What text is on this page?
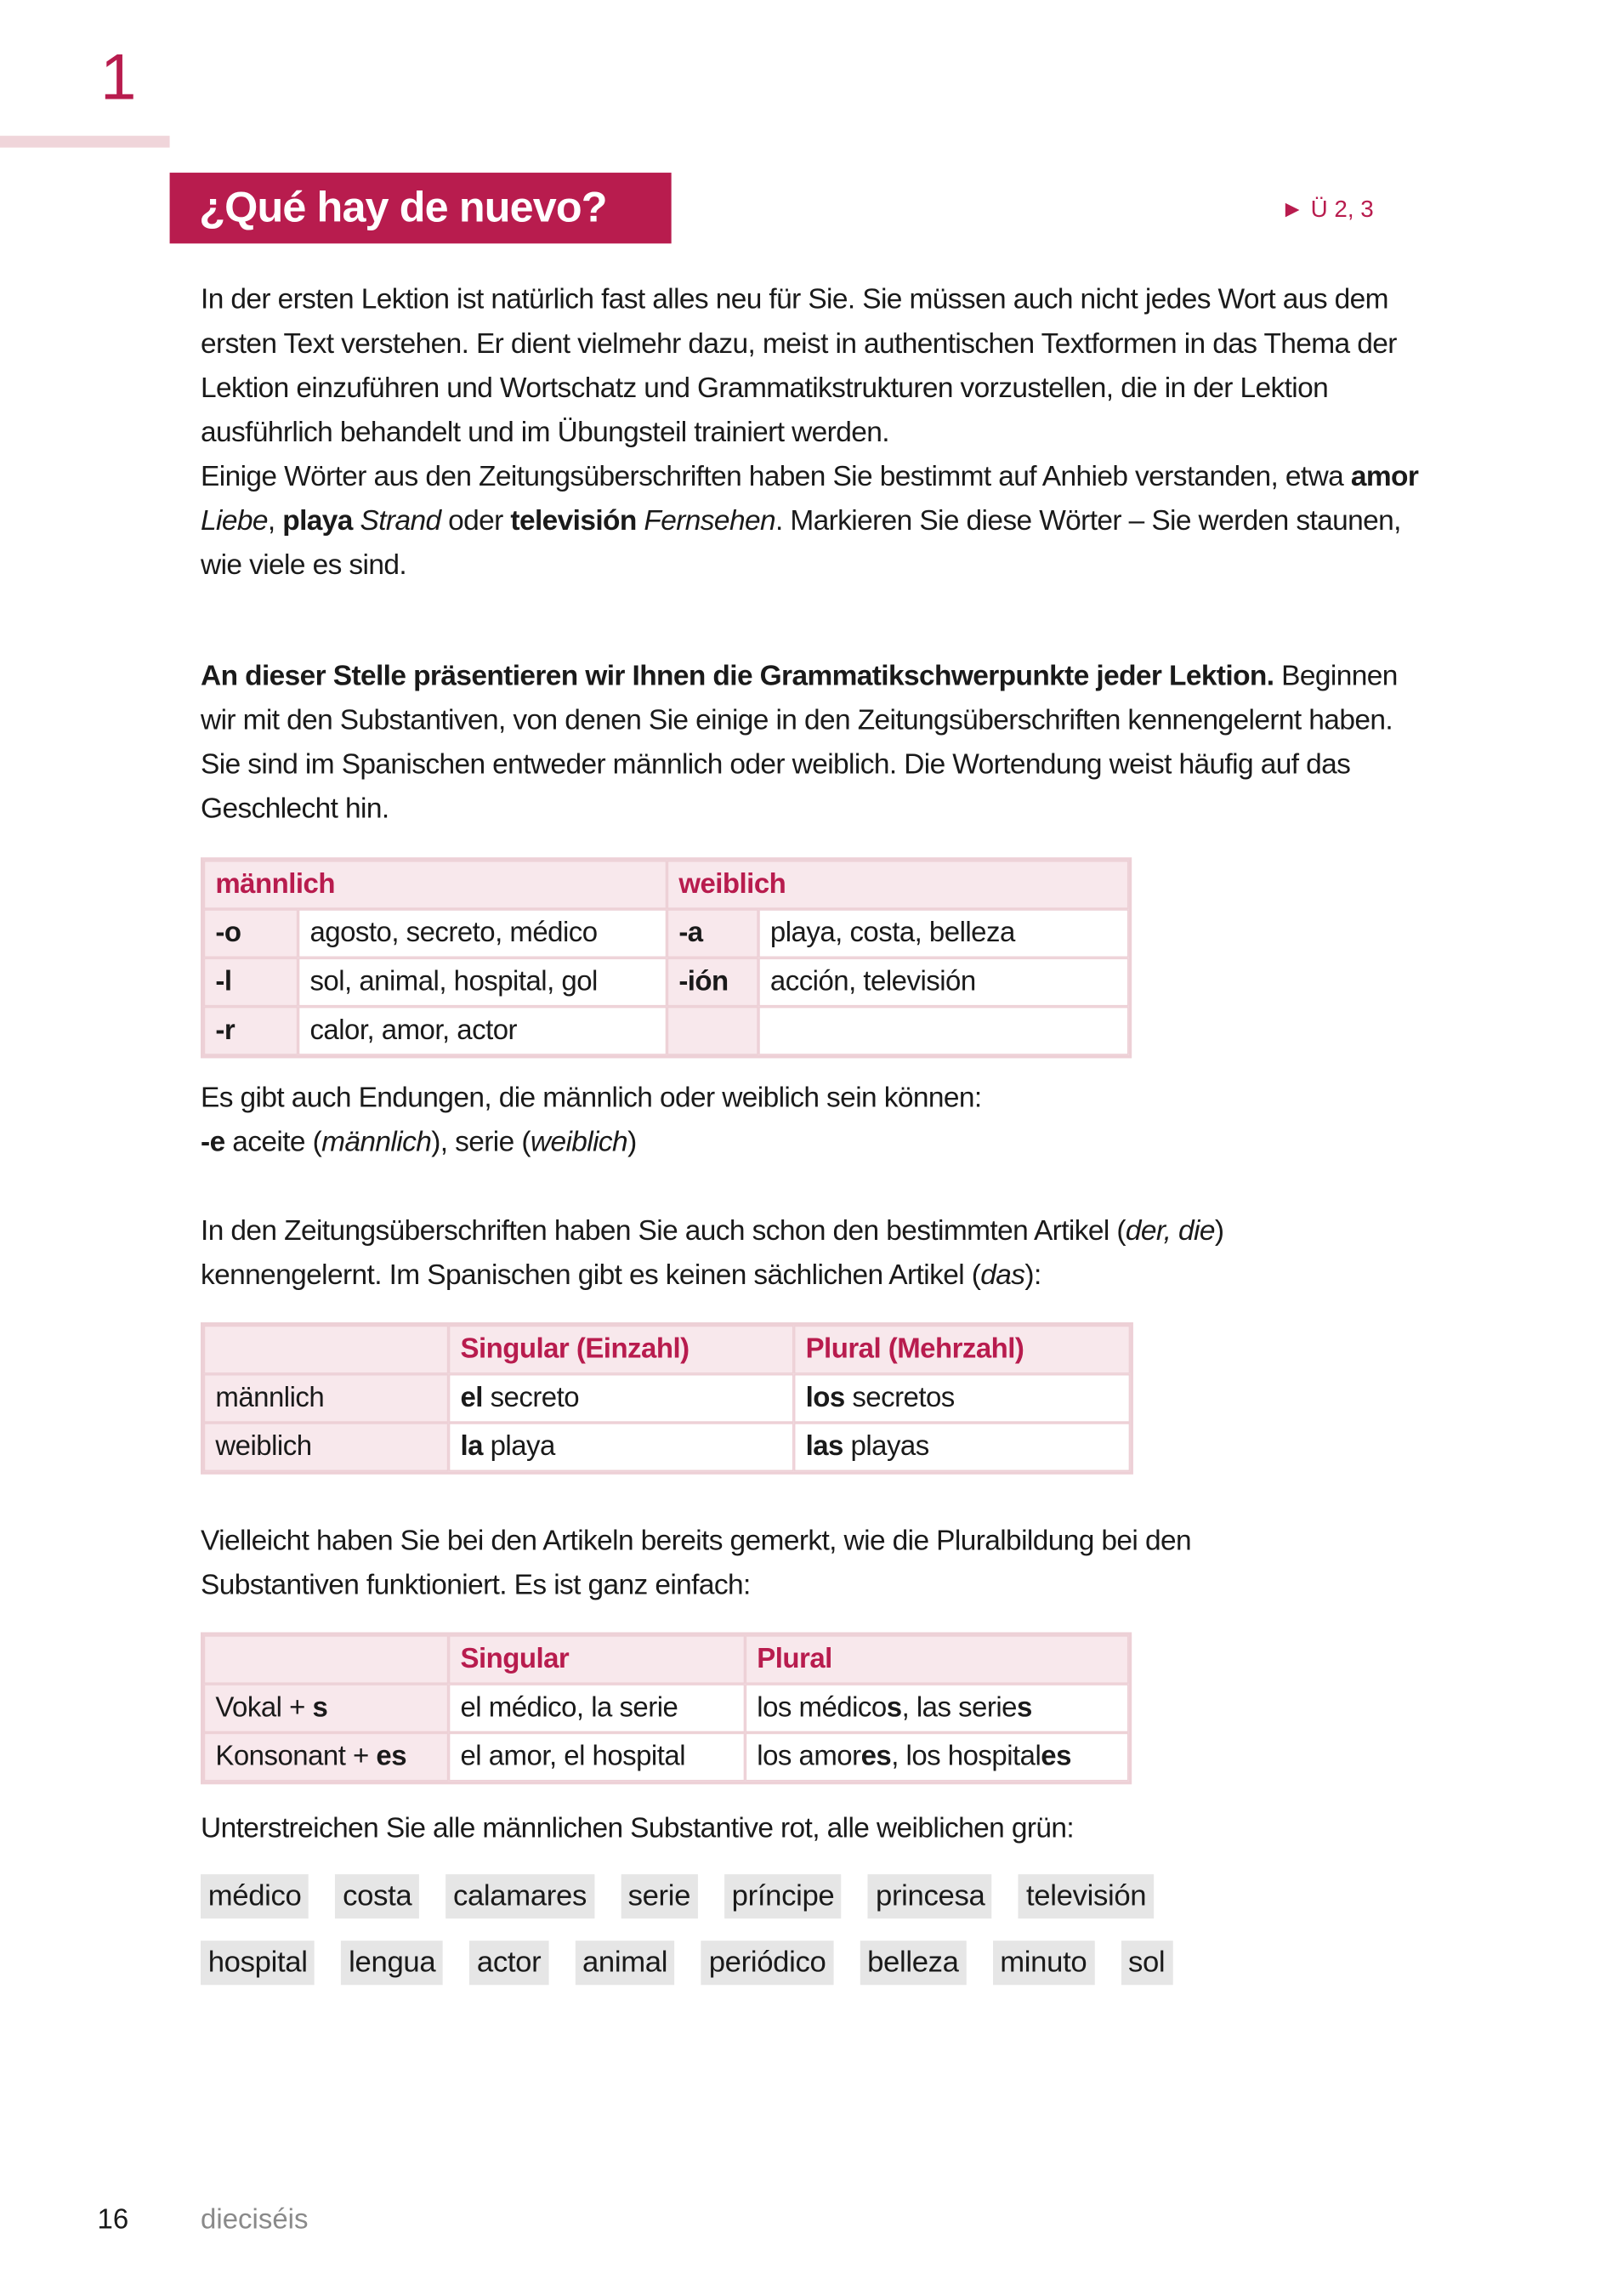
1
¿Qué hay de nuevo?	► Ü 2, 3
In der ersten Lektion ist natürlich fast alles neu für Sie. Sie müssen auch nicht jedes Wort aus dem ersten Text verstehen. Er dient vielmehr dazu, meist in authentischen Textformen in das Thema der Lektion einzuführen und Wortschatz und Grammatikstrukturen vorzustellen, die in der Lektion ausführlich behandelt und im Übungsteil trainiert werden.
Einige Wörter aus den Zeitungsüberschriften haben Sie bestimmt auf Anhieb verstanden, etwa amor Liebe, playa Strand oder televisión Fernsehen. Markieren Sie diese Wörter – Sie werden staunen, wie viele es sind.
An dieser Stelle präsentieren wir Ihnen die Grammatikschwerpunkte jeder Lektion. Beginnen wir mit den Substantiven, von denen Sie einige in den Zeitungsüberschriften kennengelernt haben. Sie sind im Spanischen entweder männlich oder weiblich. Die Wortendung weist häufig auf das Geschlecht hin.
männlich		weiblich	
-o	agosto, secreto, médico	-a	playa, costa, belleza
-l	sol, animal, hospital, gol	-ión	acción, televisión
-r	calor, amor, actor		
Es gibt auch Endungen, die männlich oder weiblich sein können:
-e aceite (männlich), serie (weiblich)
In den Zeitungsüberschriften haben Sie auch schon den bestimmten Artikel (der, die) kennengelernt. Im Spanischen gibt es keinen sächlichen Artikel (das):
	Singular (Einzahl)	Plural (Mehrzahl)
männlich	el secreto	los secretos
weiblich	la playa	las playas
Vielleicht haben Sie bei den Artikeln bereits gemerkt, wie die Pluralbildung bei den Substantiven funktioniert. Es ist ganz einfach:
	Singular	Plural
Vokal + s	el médico, la serie	los médicos, las series
Konsonant + es	el amor, el hospital	los amores, los hospitales
Unterstreichen Sie alle männlichen Substantive rot, alle weiblichen grün:
médico	costa	calamares	serie	príncipe	princesa	televisión
hospital	lengua	actor	animal	periódico	belleza	minuto	sol
16	dieciséis
